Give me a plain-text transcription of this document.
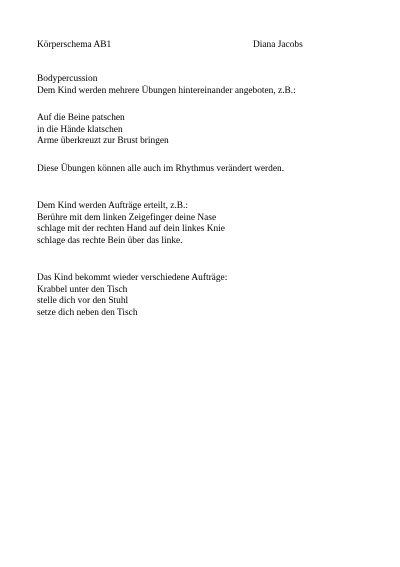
Körperschema AB1	Diana Jacobs
Bodypercussion
Dem Kind werden mehrere Übungen hintereinander angeboten, z.B.:
Auf die Beine patschen
in die Hände klatschen
Arme überkreuzt zur Brust bringen
Diese Übungen können alle auch im Rhythmus verändert werden.
Dem Kind werden Aufträge erteilt, z.B.:
Berühre mit dem linken Zeigefinger deine Nase
schlage mit der rechten Hand auf dein linkes Knie
schlage das rechte Bein über das linke.
Das Kind bekommt wieder verschiedene Aufträge:
Krabbel unter den Tisch
stelle dich vor den Stuhl
setze dich neben den Tisch
